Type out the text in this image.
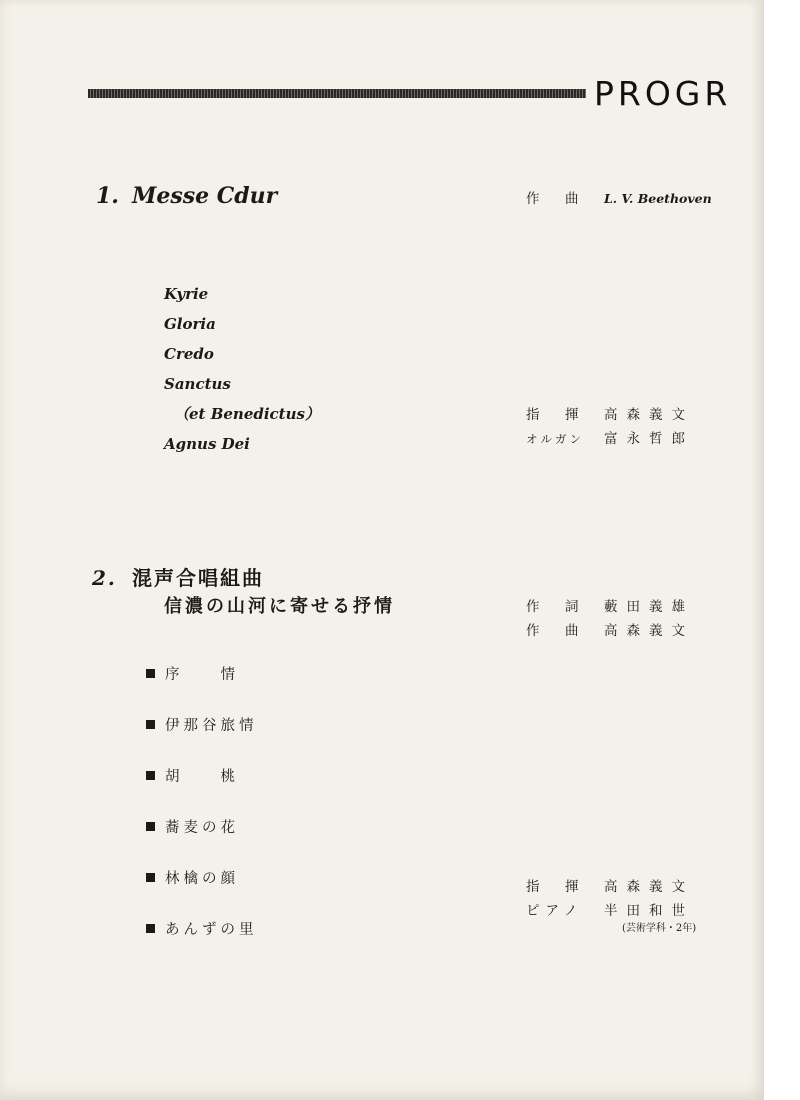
PROGR
1. Messe Cdur	作　曲 L. V. Beethoven
Kyrie
Gloria
Credo
Sanctus
（et Benedictus）
Agnus Dei
指　揮 高森義文
オルガン 富永哲郎
2. 混声合唱組曲
信濃の山河に寄せる抒情	作　詞 藪田義雄
作　曲 高森義文
序　　情
伊那谷旅情
胡　　桃
蕎麦の花
林檎の顔
あんずの里
指　揮 高森義文
ピアノ 半田和世
(芸術学科・2年)
